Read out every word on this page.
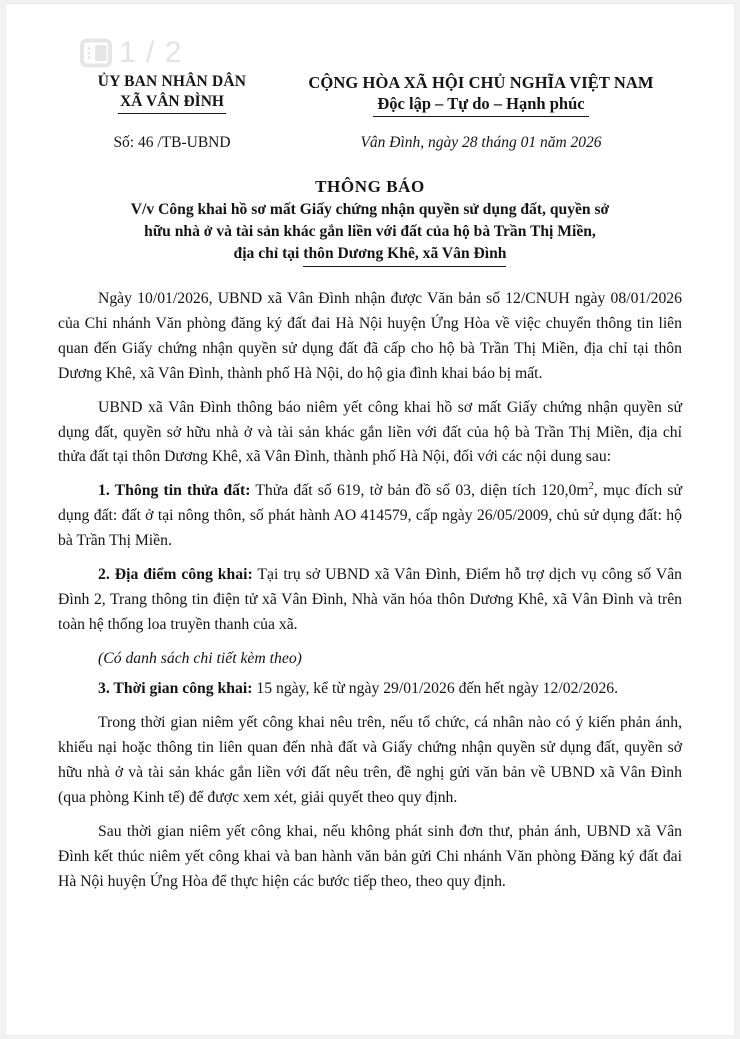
1 / 2
ỦY BAN NHÂN DÂN
XÃ VÂN ĐÌNH
CỘNG HÒA XÃ HỘI CHỦ NGHĨA VIỆT NAM
Độc lập – Tự do – Hạnh phúc
Số: 46 /TB-UBND	Vân Đình, ngày 28 tháng 01 năm 2026
THÔNG BÁO
V/v Công khai hồ sơ mất Giấy chứng nhận quyền sử dụng đất, quyền sở
hữu nhà ở và tài sản khác gắn liền với đất của hộ bà Trần Thị Miền,
địa chỉ tại thôn Dương Khê, xã Vân Đình

Ngày 10/01/2026, UBND xã Vân Đình nhận được Văn bản số 12/CNUH ngày 08/01/2026 của Chi nhánh Văn phòng đăng ký đất đai Hà Nội huyện Ứng Hòa về việc chuyển thông tin liên quan đến Giấy chứng nhận quyền sử dụng đất đã cấp cho hộ bà Trần Thị Miền, địa chỉ tại thôn Dương Khê, xã Vân Đình, thành phố Hà Nội, do hộ gia đình khai báo bị mất.

UBND xã Vân Đình thông báo niêm yết công khai hồ sơ mất Giấy chứng nhận quyền sử dụng đất, quyền sở hữu nhà ở và tài sản khác gắn liền với đất của hộ bà Trần Thị Miền, địa chỉ thửa đất tại thôn Dương Khê, xã Vân Đình, thành phố Hà Nội, đối với các nội dung sau:

1. Thông tin thửa đất: Thửa đất số 619, tờ bản đồ số 03, diện tích $120,0m^2$, mục đích sử dụng đất: đất ở tại nông thôn, số phát hành AO 414579, cấp ngày 26/05/2009, chủ sử dụng đất: hộ bà Trần Thị Miền.

2. Địa điểm công khai: Tại trụ sở UBND xã Vân Đình, Điểm hỗ trợ dịch vụ công số Vân Đình 2, Trang thông tin điện tử xã Vân Đình, Nhà văn hóa thôn Dương Khê, xã Vân Đình và trên toàn hệ thống loa truyền thanh của xã.

(Có danh sách chi tiết kèm theo)

3. Thời gian công khai: 15 ngày, kể từ ngày 29/01/2026 đến hết ngày 12/02/2026.

Trong thời gian niêm yết công khai nêu trên, nếu tổ chức, cá nhân nào có ý kiến phản ánh, khiếu nại hoặc thông tin liên quan đến nhà đất và Giấy chứng nhận quyền sử dụng đất, quyền sở hữu nhà ở và tài sản khác gắn liền với đất nêu trên, đề nghị gửi văn bản về UBND xã Vân Đình (qua phòng Kinh tế) để được xem xét, giải quyết theo quy định.

Sau thời gian niêm yết công khai, nếu không phát sinh đơn thư, phản ánh, UBND xã Vân Đình kết thúc niêm yết công khai và ban hành văn bản gửi Chi nhánh Văn phòng Đăng ký đất đai Hà Nội huyện Ứng Hòa để thực hiện các bước tiếp theo, theo quy định.
